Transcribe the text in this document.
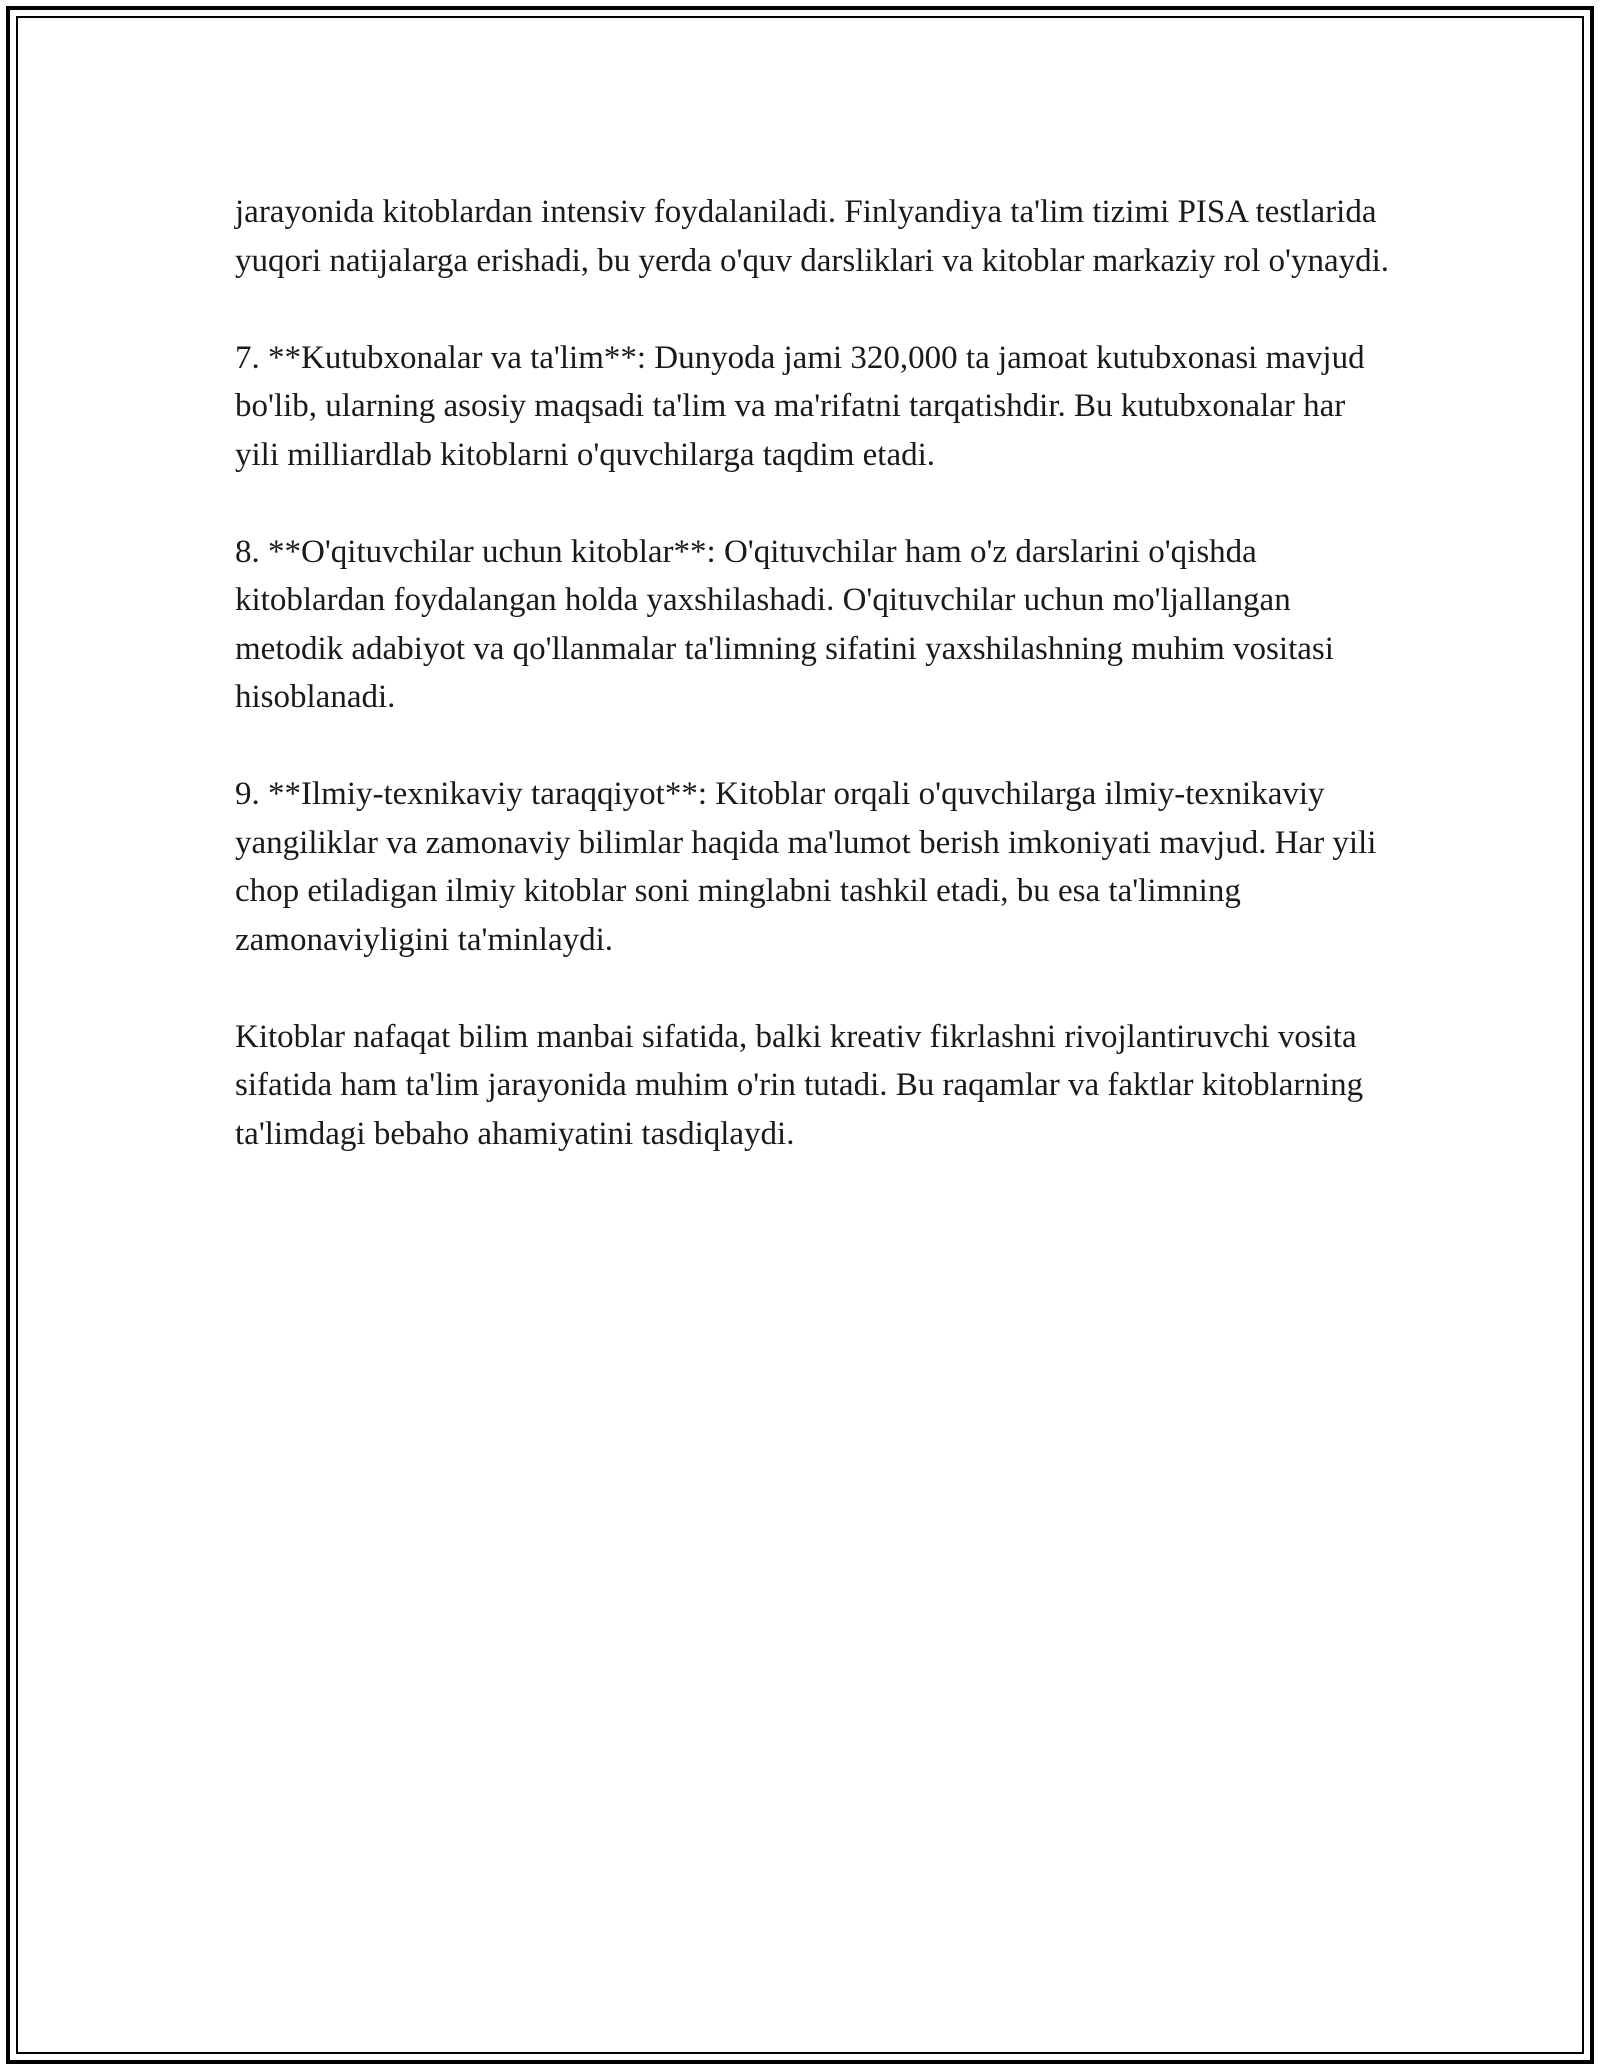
jarayonida kitoblardan intensiv foydalaniladi. Finlyandiya ta'lim tizimi PISA testlarida yuqori natijalarga erishadi, bu yerda o'quv darsliklari va kitoblar markaziy rol o'ynaydi.

7. **Kutubxonalar va ta'lim**: Dunyoda jami 320,000 ta jamoat kutubxonasi mavjud bo'lib, ularning asosiy maqsadi ta'lim va ma'rifatni tarqatishdir. Bu kutubxonalar har yili milliardlab kitoblarni o'quvchilarga taqdim etadi.

8. **O'qituvchilar uchun kitoblar**: O'qituvchilar ham o'z darslarini o'qishda kitoblardan foydalangan holda yaxshilashadi. O'qituvchilar uchun mo'ljallangan metodik adabiyot va qo'llanmalar ta'limning sifatini yaxshilashning muhim vositasi hisoblanadi.

9. **Ilmiy-texnikaviy taraqqiyot**: Kitoblar orqali o'quvchilarga ilmiy-texnikaviy yangiliklar va zamonaviy bilimlar haqida ma'lumot berish imkoniyati mavjud. Har yili chop etiladigan ilmiy kitoblar soni minglabni tashkil etadi, bu esa ta'limning zamonaviyligini ta'minlaydi.

Kitoblar nafaqat bilim manbai sifatida, balki kreativ fikrlashni rivojlantiruvchi vosita sifatida ham ta'lim jarayonida muhim o'rin tutadi. Bu raqamlar va faktlar kitoblarning ta'limdagi bebaho ahamiyatini tasdiqlaydi.
